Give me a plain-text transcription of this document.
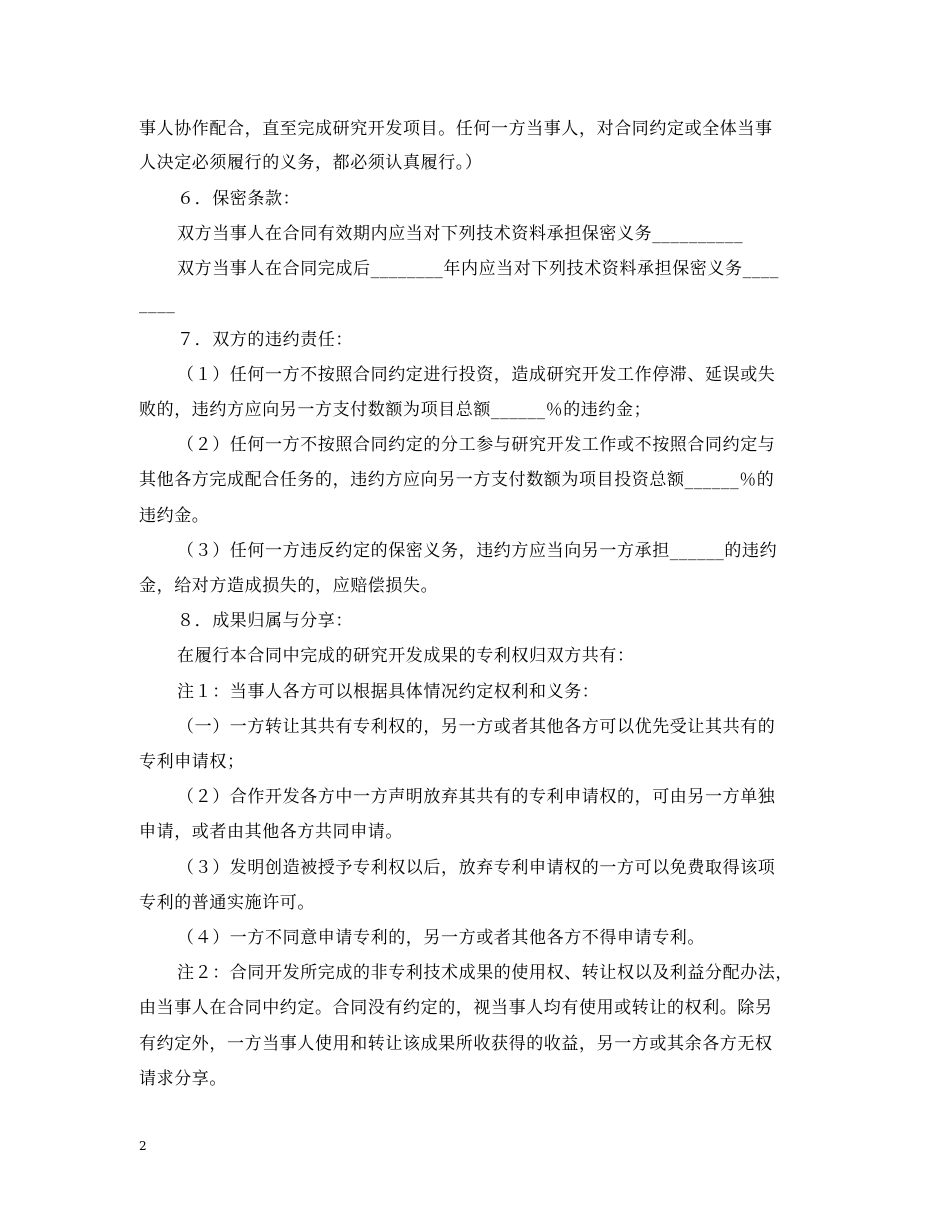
事人协作配合，直至完成研究开发项目。任何一方当事人，对合同约定或全体当事
人决定必须履行的义务，都必须认真履行。）
６．保密条款：
双方当事人在合同有效期内应当对下列技术资料承担保密义务__________
双方当事人在合同完成后________年内应当对下列技术资料承担保密义务____
____
７．双方的违约责任：
（１）任何一方不按照合同约定进行投资，造成研究开发工作停滞、延误或失
败的，违约方应向另一方支付数额为项目总额______％的违约金；
（２）任何一方不按照合同约定的分工参与研究开发工作或不按照合同约定与
其他各方完成配合任务的，违约方应向另一方支付数额为项目投资总额______％的
违约金。
（３）任何一方违反约定的保密义务，违约方应当向另一方承担______的违约
金，给对方造成损失的，应赔偿损失。
８．成果归属与分享：
在履行本合同中完成的研究开发成果的专利权归双方共有：
注１：当事人各方可以根据具体情况约定权利和义务：
（一）一方转让其共有专利权的，另一方或者其他各方可以优先受让其共有的
专利申请权；
（２）合作开发各方中一方声明放弃其共有的专利申请权的，可由另一方单独
申请，或者由其他各方共同申请。
（３）发明创造被授予专利权以后，放弃专利申请权的一方可以免费取得该项
专利的普通实施许可。
（４）一方不同意申请专利的，另一方或者其他各方不得申请专利。
注２：合同开发所完成的非专利技术成果的使用权、转让权以及利益分配办法，
由当事人在合同中约定。合同没有约定的，视当事人均有使用或转让的权利。除另
有约定外，一方当事人使用和转让该成果所收获得的收益，另一方或其余各方无权
请求分享。
2
